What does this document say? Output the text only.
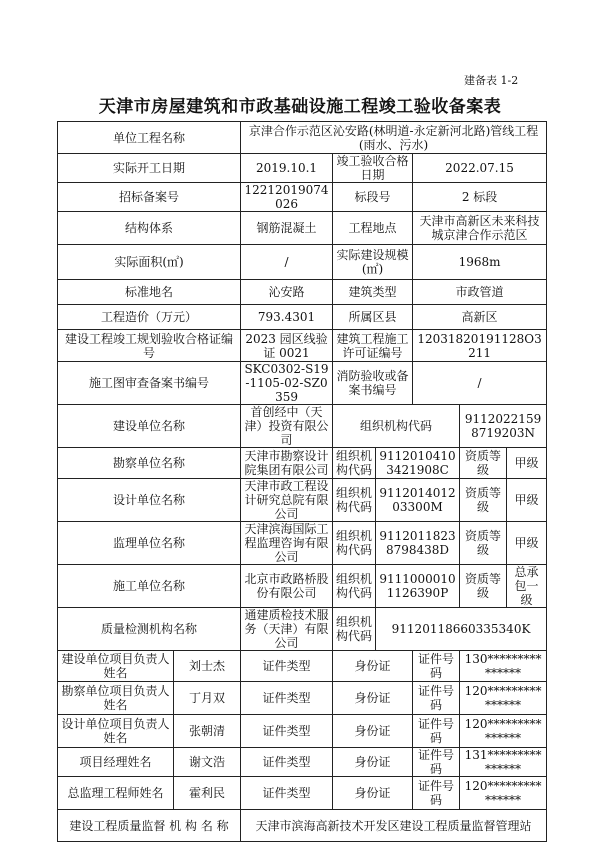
建备表 1-2
天津市房屋建筑和市政基础设施工程竣工验收备案表
单位工程名称		京津合作示范区沁安路(林明道-永定新河北路)管线工程(雨水、污水)					
实际开工日期		2019.10.1	竣工验收合格日期		2022.07.15		
招标备案号		12212019074026	标段号		2 标段		
结构体系		钢筋混凝土	工程地点		天津市高新区未来科技城京津合作示范区		
实际面积(㎡)		/	实际建设规模(㎡)		1968m		
标准地名		沁安路	建筑类型		市政管道		
工程造价（万元）		793.4301	所属区县		高新区		
建设工程竣工规划验收合格证编号		2023 园区线验证 0021	建筑工程施工许可证编号		12031820191128O3211		
施工图审查备案书编号		SKC0302-S19-1105-02-SZ0359	消防验收或备案书编号		/		
建设单位名称		首创经中（天津）投资有限公司	组织机构代码			91120221598719203N	
勘察单位名称		天津市勘察设计院集团有限公司	组织机构代码	91120104103421908C		资质等级	甲级
设计单位名称		天津市政工程设计研究总院有限公司	组织机构代码	911201401203300M		资质等级	甲级
监理单位名称		天津滨海国际工程监理咨询有限公司	组织机构代码	91120118238798438D		资质等级	甲级
施工单位名称		北京市政路桥股份有限公司	组织机构代码	91110000101126390P		资质等级	总承包一级
质量检测机构名称		通建质检技术服务（天津）有限公司	组织机构代码	91120118660335340K			
建设单位项目负责人姓名	刘士杰	证件类型	身份证		证件号码	130***************	
勘察单位项目负责人姓名	丁月双	证件类型	身份证		证件号码	120***************	
设计单位项目负责人姓名	张朝清	证件类型	身份证		证件号码	120***************	
项目经理姓名	谢文浩	证件类型	身份证		证件号码	131***************	
总监理工程师姓名	霍利民	证件类型	身份证		证件号码	120***************	
建设工程质量监督 机 构 名 称		天津市滨海高新技术开发区建设工程质量监督管理站					
